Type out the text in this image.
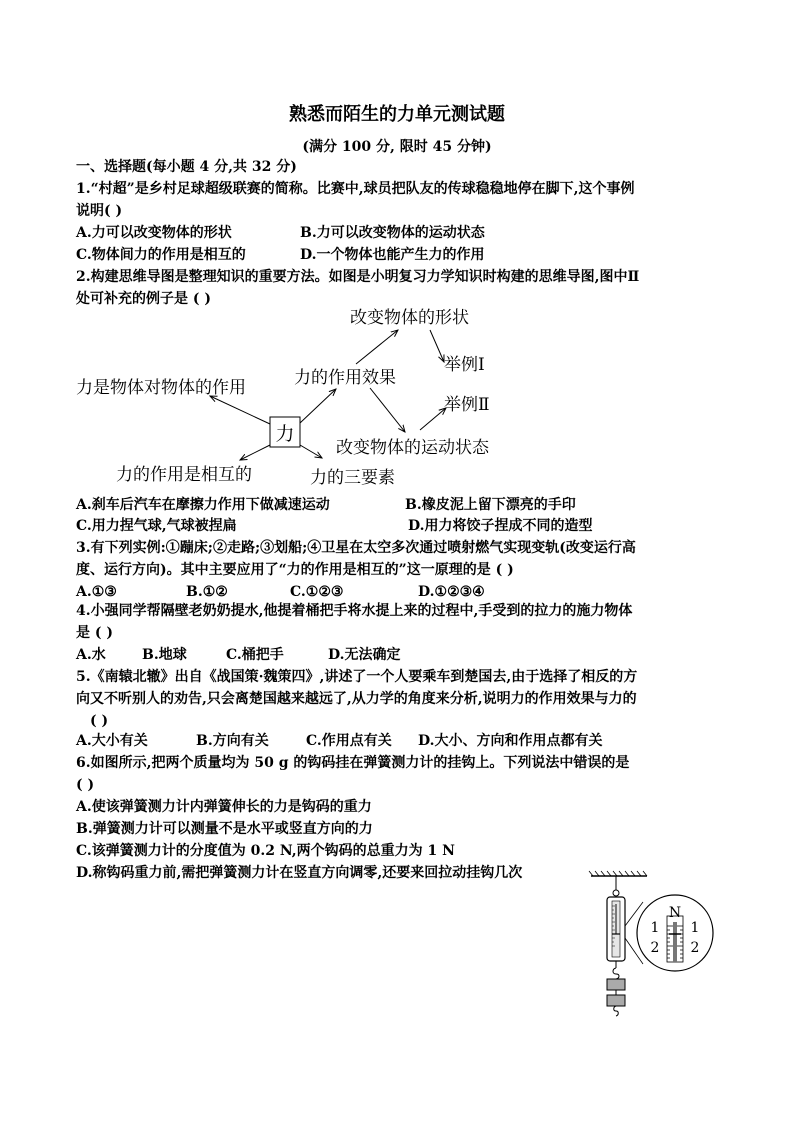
熟悉而陌生的力单元测试题
(满分 100 分, 限时 45 分钟)
一、选择题(每小题 4 分,共 32 分)
1.“村超”是乡村足球超级联赛的简称。比赛中,球员把队友的传球稳稳地停在脚下,这个事例
说明( )
A.力可以改变物体的形状	B.力可以改变物体的运动状态
C.物体间力的作用是相互的	D.一个物体也能产生力的作用
2.构建思维导图是整理知识的重要方法。如图是小明复习力学知识时构建的思维导图,图中Ⅱ
处可补充的例子是 ( )
力
力是物体对物体的作用	力的作用效果
改变物体的形状
举例Ⅰ
举例Ⅱ
改变物体的运动状态
力的作用是相互的	力的三要素
A.刹车后汽车在摩擦力作用下做减速运动	B.橡皮泥上留下漂亮的手印
C.用力捏气球,气球被捏扁	D.用力将饺子捏成不同的造型
3.有下列实例:①蹦床;②走路;③划船;④卫星在太空多次通过喷射燃气实现变轨(改变运行高
度、运行方向)。其中主要应用了“力的作用是相互的”这一原理的是 ( )
A.①③	B.①②	C.①②③	D.①②③④
4.小强同学帮隔壁老奶奶提水,他提着桶把手将水提上来的过程中,手受到的拉力的施力物体
是 ( )
A.水	B.地球	C.桶把手	D.无法确定
5.《南辕北辙》出自《战国策·魏策四》,讲述了一个人要乘车到楚国去,由于选择了相反的方
向又不听别人的劝告,只会离楚国越来越远了,从力学的角度来分析,说明力的作用效果与力的
( )
A.大小有关	B.方向有关	C.作用点有关 D.大小、方向和作用点都有关
6.如图所示,把两个质量均为 50 g 的钩码挂在弹簧测力计的挂钩上。下列说法中错误的是
( )
A.使该弹簧测力计内弹簧伸长的力是钩码的重力
B.弹簧测力计可以测量不是水平或竖直方向的力
C.该弹簧测力计的分度值为 0.2 N,两个钩码的总重力为 1 N
D.称钩码重力前,需把弹簧测力计在竖直方向调零,还要来回拉动挂钩几次
N
1
2
1
2
